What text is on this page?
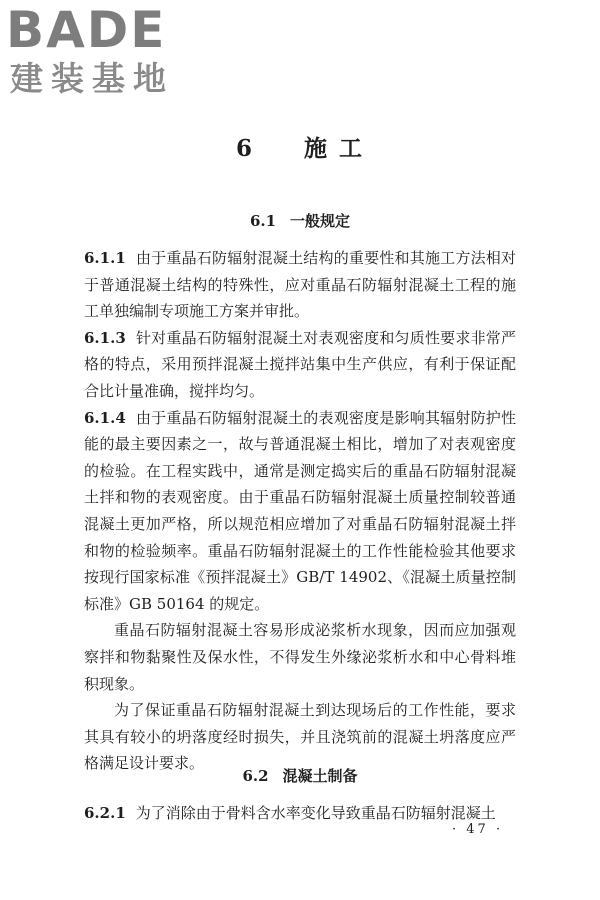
BADE
建装基地
6 施 工
6.1 一般规定

6.1.1 由于重晶石防辐射混凝土结构的重要性和其施工方法相对于普通混凝土结构的特殊性，应对重晶石防辐射混凝土工程的施工单独编制专项施工方案并审批。

6.1.3 针对重晶石防辐射混凝土对表观密度和匀质性要求非常严格的特点，采用预拌混凝土搅拌站集中生产供应，有利于保证配合比计量准确，搅拌均匀。

6.1.4 由于重晶石防辐射混凝土的表观密度是影响其辐射防护性能的最主要因素之一，故与普通混凝土相比，增加了对表观密度的检验。在工程实践中，通常是测定捣实后的重晶石防辐射混凝土拌和物的表观密度。由于重晶石防辐射混凝土质量控制较普通混凝土更加严格，所以规范相应增加了对重晶石防辐射混凝土拌和物的检验频率。重晶石防辐射混凝土的工作性能检验其他要求按现行国家标准《预拌混凝土》GB/T 14902、《混凝土质量控制标准》GB 50164 的规定。

重晶石防辐射混凝土容易形成泌浆析水现象，因而应加强观察拌和物黏聚性及保水性，不得发生外缘泌浆析水和中心骨料堆积现象。

为了保证重晶石防辐射混凝土到达现场后的工作性能，要求其具有较小的坍落度经时损失，并且浇筑前的混凝土坍落度应严格满足设计要求。

6.2 混凝土制备

6.2.1 为了消除由于骨料含水率变化导致重晶石防辐射混凝土

· 47 ·
